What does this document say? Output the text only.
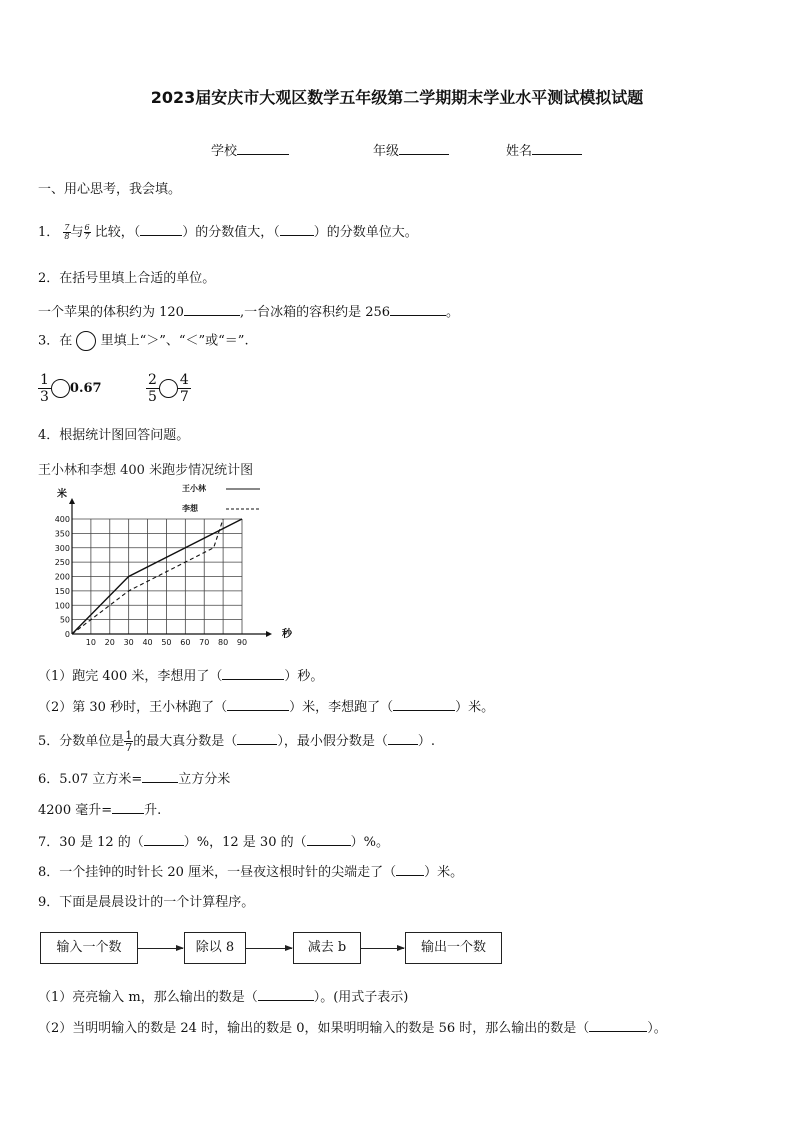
2023届安庆市大观区数学五年级第二学期期末学业水平测试模拟试题
学校	年级	姓名
一、用心思考，我会填。
1． $\frac{7}{8}$ 与 $\frac{6}{7}$ 比较，（	）的分数值大，（	）的分数单位大。
2．在括号里填上合适的单位。
一个苹果的体积约为 120	,一台冰箱的容积约是 256	。
3．在 里填上“＞”、“＜”或“＝”.
$\frac{1}{3} 0.67$	$\frac{2}{5} \frac{4}{7}$
4．根据统计图回答问题。
王小林和李想 400 米跑步情况统计图
10 20 30 40 50 60 70 80 90
0
50
100
150
200
250
300
350
400
米
秒
王小林
李想
（1）跑完 400 米，李想用了（	）秒。
（2）第 30 秒时，王小林跑了（	）米，李想跑了（	）米。
5．分数单位是 $\frac{1}{7}$ 的最大真分数是（	），最小假分数是（ ）.
6．5.07 立方米=	立方分米
4200 毫升= 升.
7．30 是 12 的（	）%，12 是 30 的（	）%。
8．一个挂钟的时针长 20 厘米，一昼夜这根时针的尖端走了（ ）米。
9．下面是晨晨设计的一个计算程序。
输入一个数	除以 8	减去 b	输出一个数
（1）亮亮输入 m，那么输出的数是（	）。(用式子表示)
（2）当明明输入的数是 24 时，输出的数是 0，如果明明输入的数是 56 时，那么输出的数是（	）。
